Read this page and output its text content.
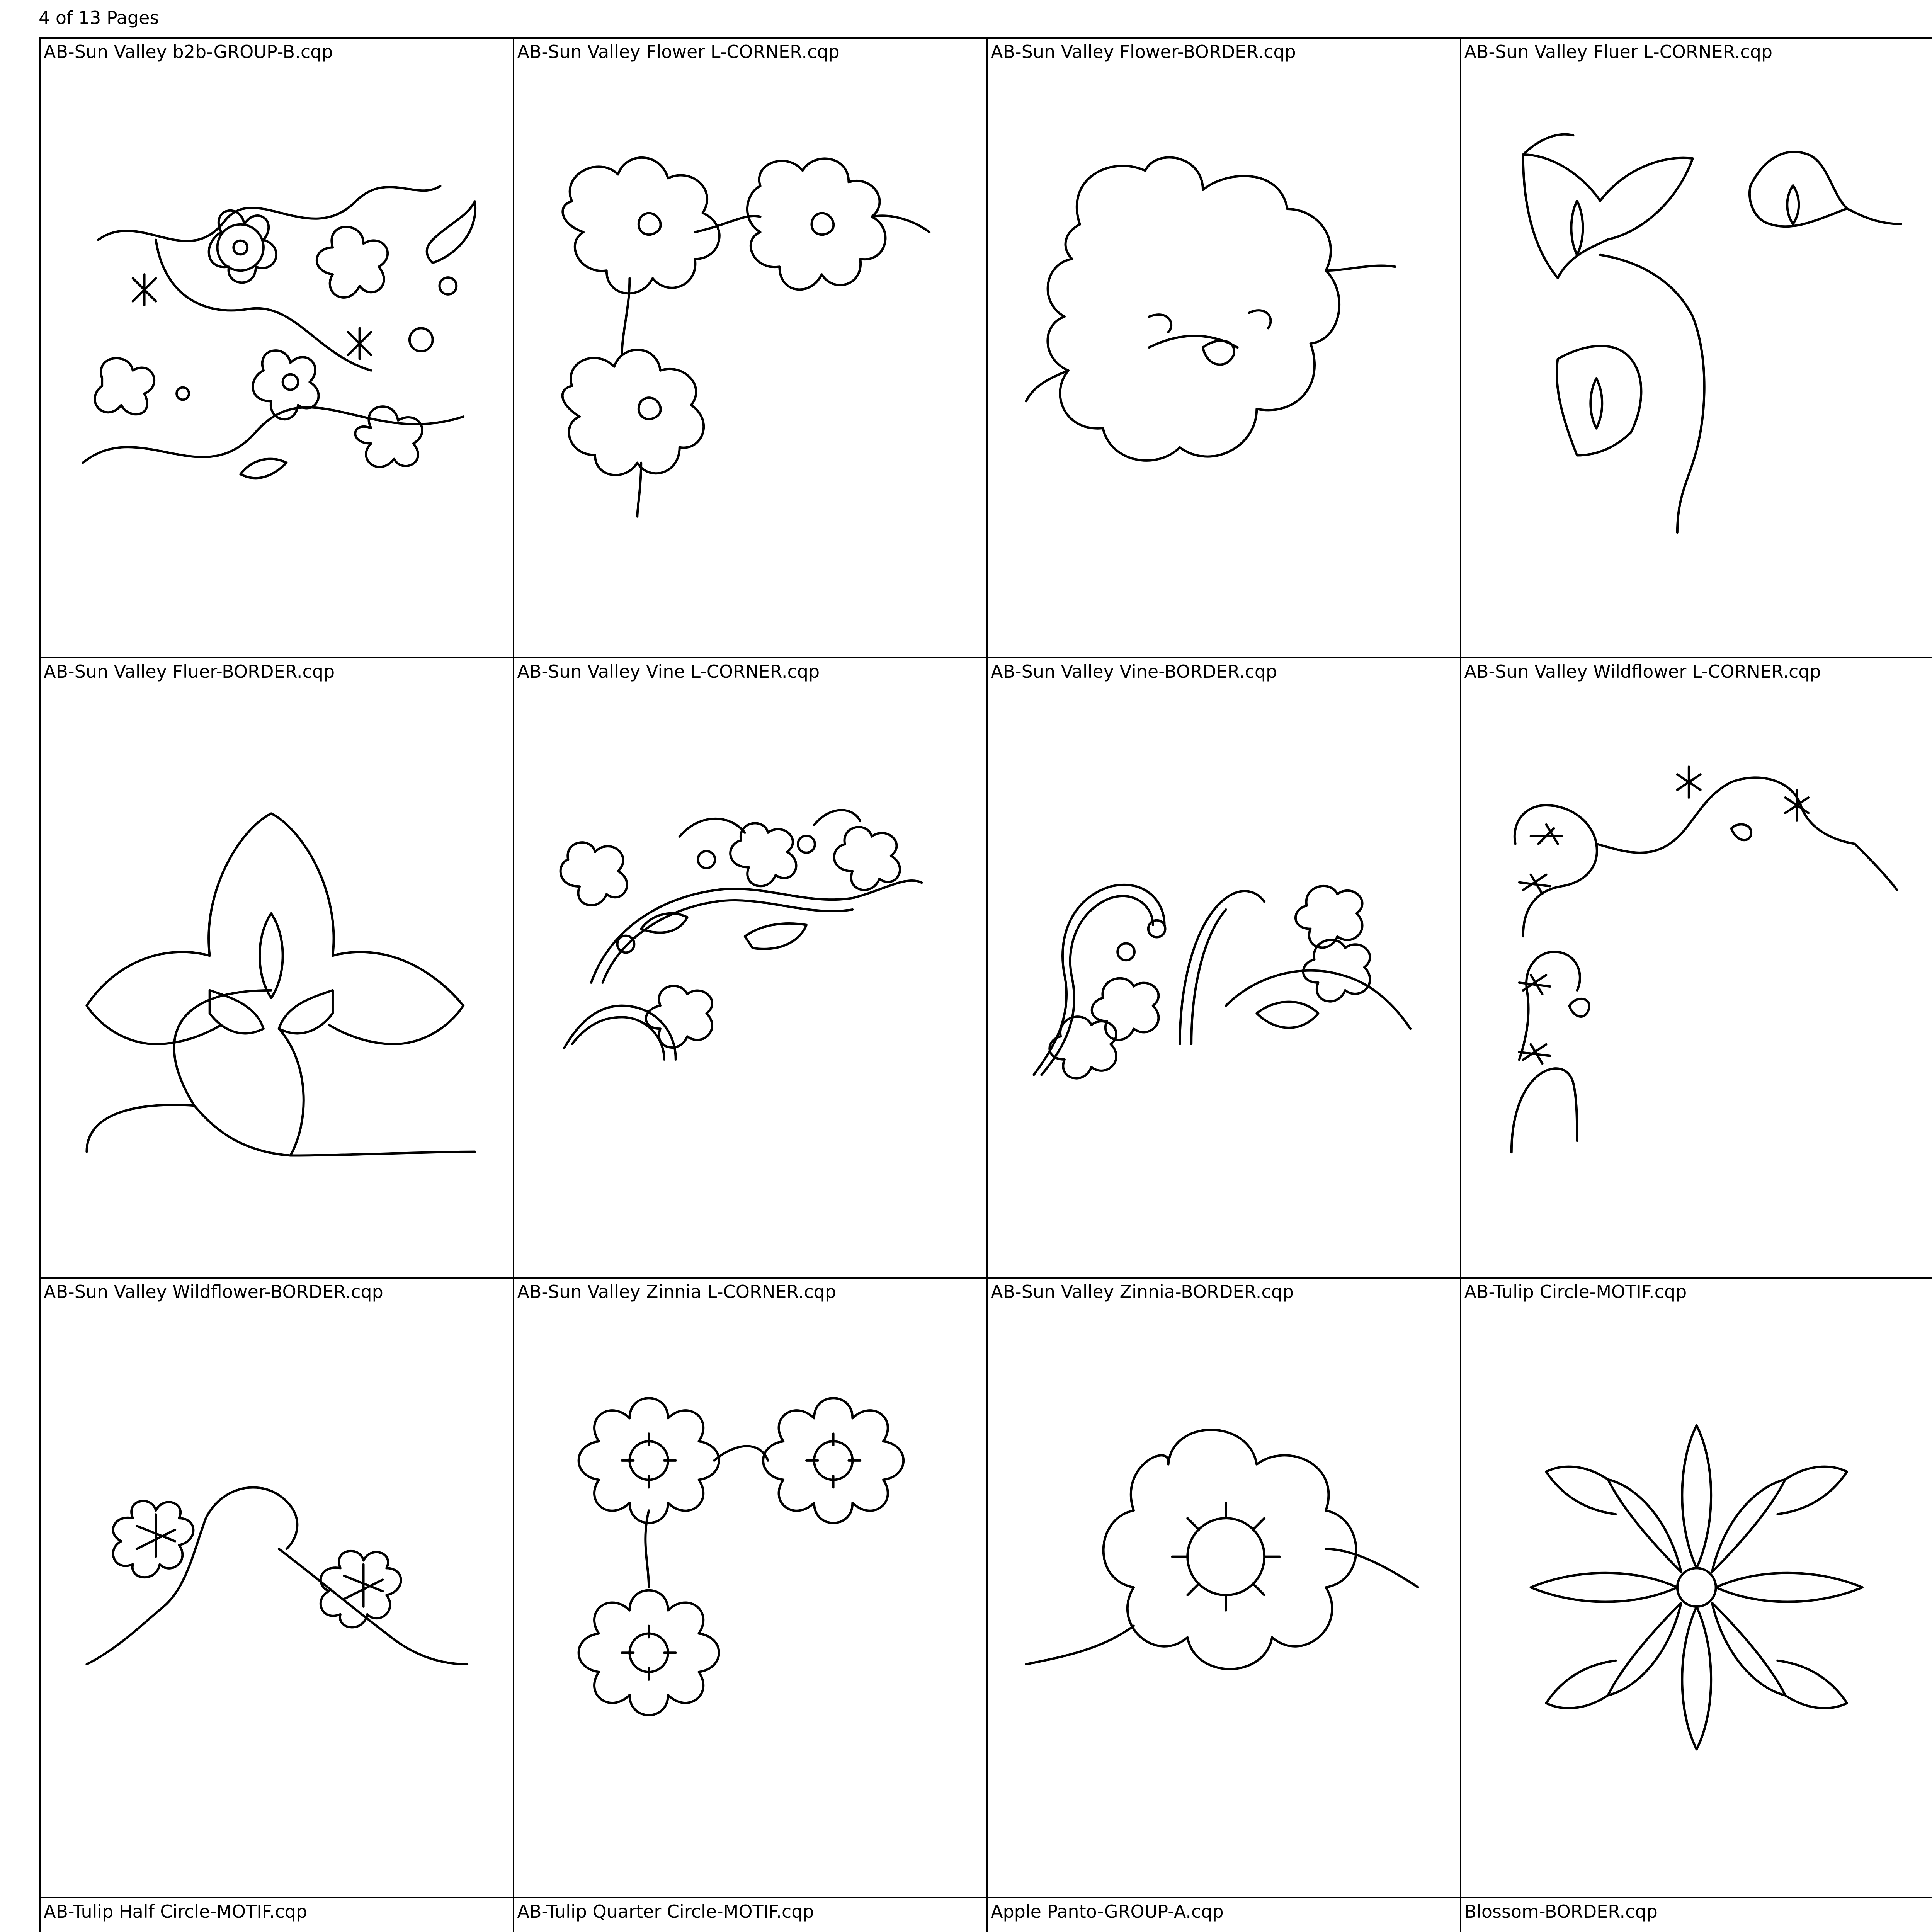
4 of 13 Pages
AB-Sun Valley b2b-GROUP-B.cqp	AB-Sun Valley Flower L-CORNER.cqp	AB-Sun Valley Flower-BORDER.cqp	AB-Sun Valley Fluer L-CORNER.cqp
AB-Sun Valley Fluer-BORDER.cqp	AB-Sun Valley Vine L-CORNER.cqp	AB-Sun Valley Vine-BORDER.cqp	AB-Sun Valley Wildflower L-CORNER.cqp
AB-Sun Valley Wildflower-BORDER.cqp	AB-Sun Valley Zinnia L-CORNER.cqp	AB-Sun Valley Zinnia-BORDER.cqp	AB-Tulip Circle-MOTIF.cqp
AB-Tulip Half Circle-MOTIF.cqp	AB-Tulip Quarter Circle-MOTIF.cqp	Apple Panto-GROUP-A.cqp	Blossom-BORDER.cqp
